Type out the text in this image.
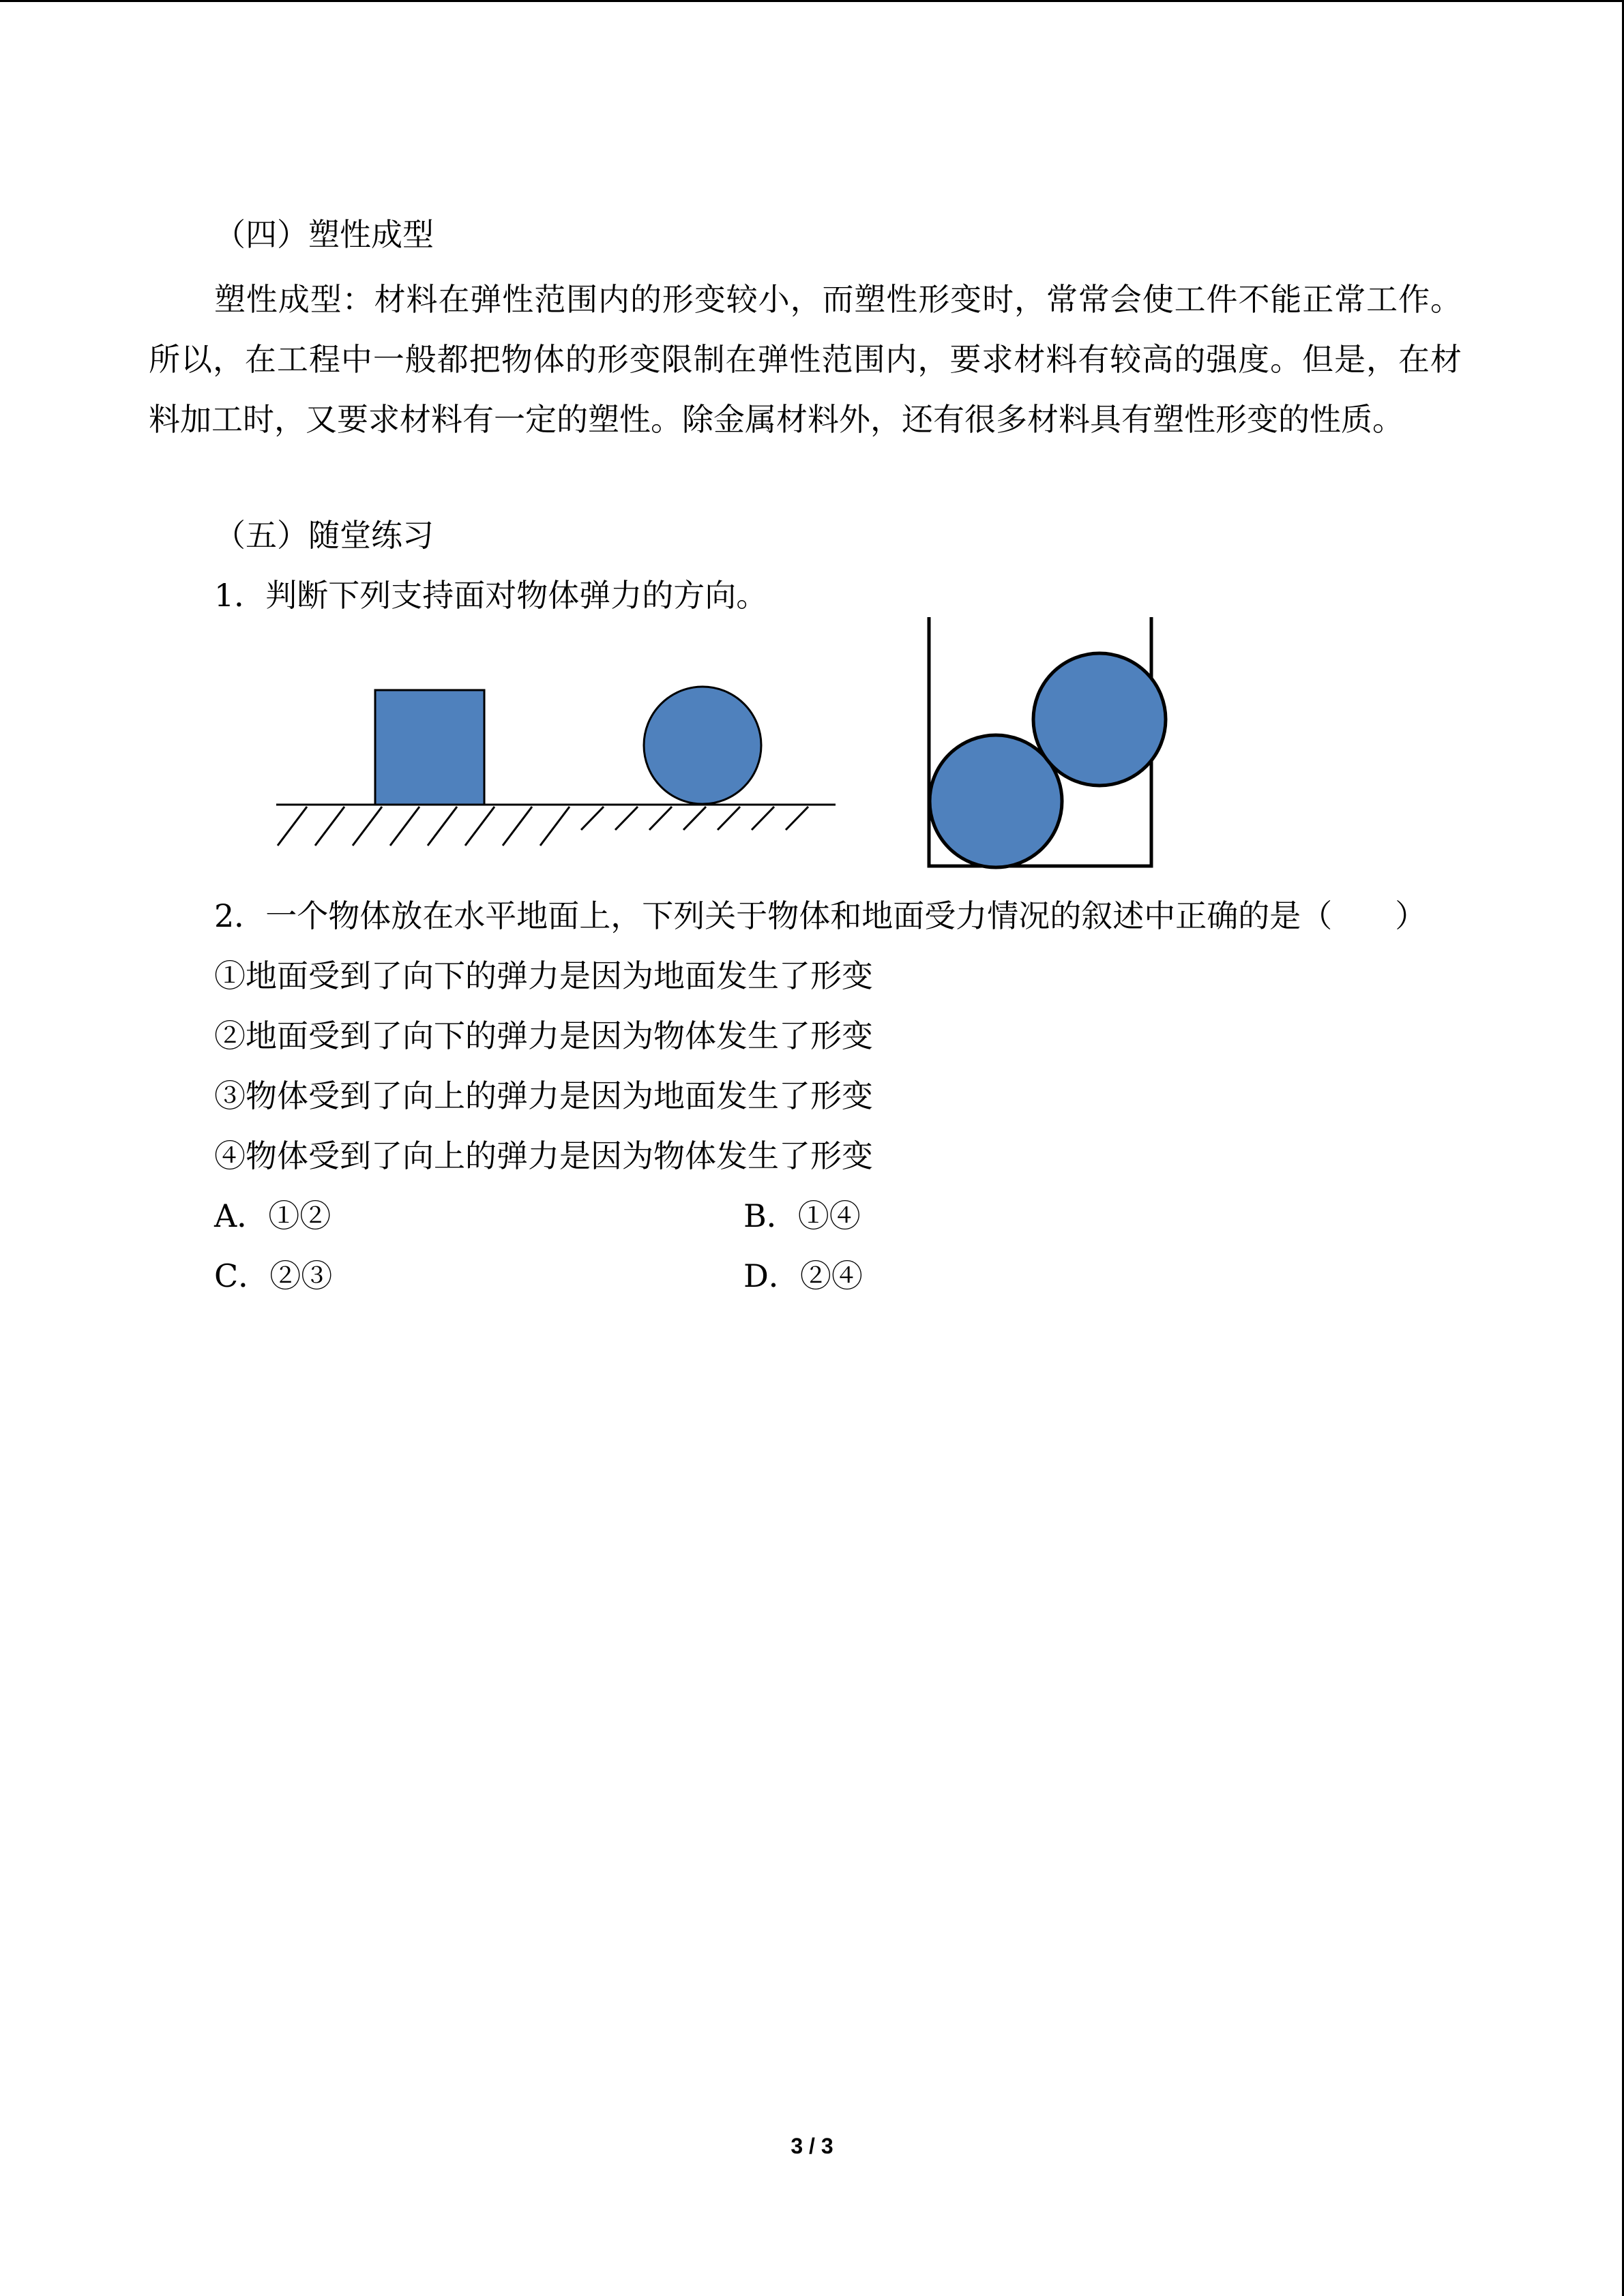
（四）塑性成型
塑性成型：材料在弹性范围内的形变较小，而塑性形变时，常常会使工件不能正常工作。所以，在工程中一般都把物体的形变限制在弹性范围内，要求材料有较高的强度。但是，在材料加工时，又要求材料有一定的塑性。除金属材料外，还有很多材料具有塑性形变的性质。
（五）随堂练习
1．判断下列支持面对物体弹力的方向。
2．一个物体放在水平地面上，下列关于物体和地面受力情况的叙述中正确的是（　　）
①地面受到了向下的弹力是因为地面发生了形变
②地面受到了向下的弹力是因为物体发生了形变
③物体受到了向上的弹力是因为地面发生了形变
④物体受到了向上的弹力是因为物体发生了形变
A．①②	B．①④
C．②③	D．②④
3 / 3
